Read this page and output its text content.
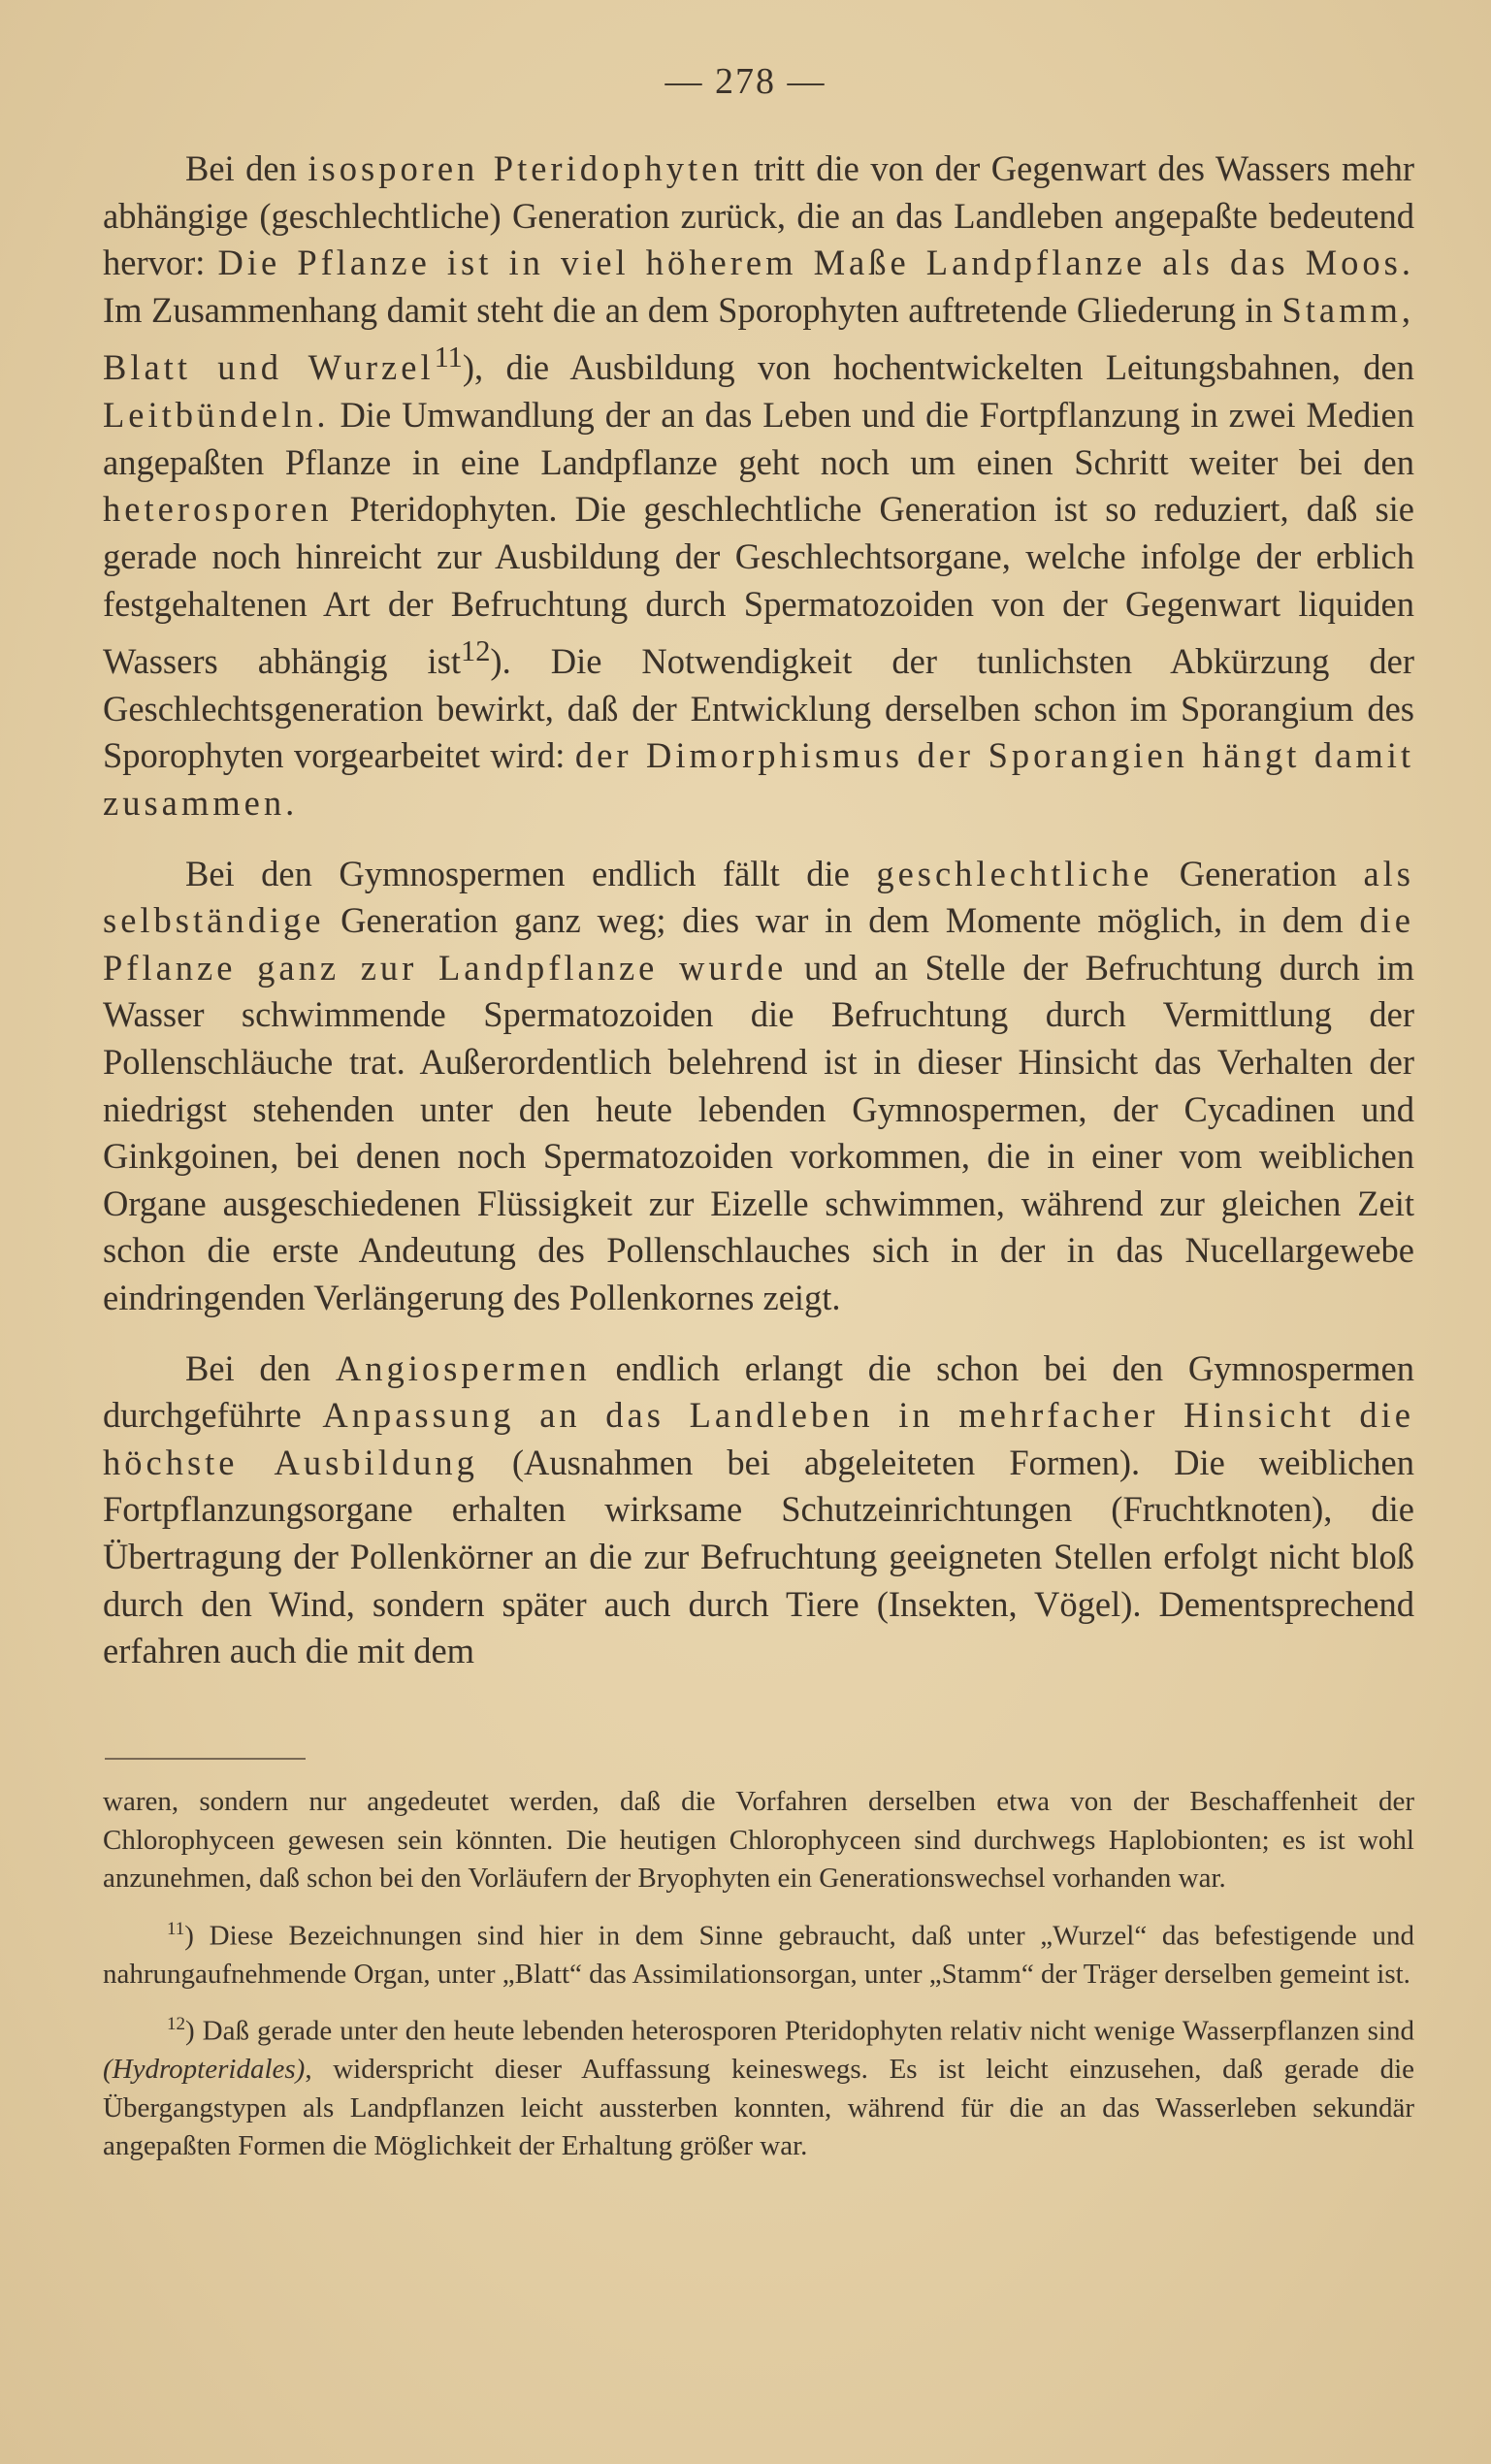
— 278 —

Bei den isosporen Pteridophyten tritt die von der Gegenwart des Wassers mehr abhängige (geschlechtliche) Generation zurück, die an das Landleben angepaßte bedeutend hervor: Die Pflanze ist in viel höherem Maße Landpflanze als das Moos. Im Zusammenhang damit steht die an dem Sporophyten auftretende Gliederung in Stamm, Blatt und Wurzel$^{11}$), die Ausbildung von hochentwickelten Leitungsbahnen, den Leitbündeln. Die Umwandlung der an das Leben und die Fortpflanzung in zwei Medien angepaßten Pflanze in eine Landpflanze geht noch um einen Schritt weiter bei den heterosporen Pteridophyten. Die geschlechtliche Generation ist so reduziert, daß sie gerade noch hinreicht zur Ausbildung der Geschlechtsorgane, welche infolge der erblich festgehaltenen Art der Befruchtung durch Spermatozoiden von der Gegenwart liquiden Wassers abhängig ist$^{12}$). Die Notwendigkeit der tunlichsten Abkürzung der Geschlechtsgeneration bewirkt, daß der Entwicklung derselben schon im Sporangium des Sporophyten vorgearbeitet wird: der Dimorphismus der Sporangien hängt damit zusammen.

Bei den Gymnospermen endlich fällt die geschlechtliche Generation als selbständige Generation ganz weg; dies war in dem Momente möglich, in dem die Pflanze ganz zur Landpflanze wurde und an Stelle der Befruchtung durch im Wasser schwimmende Spermatozoiden die Befruchtung durch Vermittlung der Pollenschläuche trat. Außerordentlich belehrend ist in dieser Hinsicht das Verhalten der niedrigst stehenden unter den heute lebenden Gymnospermen, der Cycadinen und Ginkgoinen, bei denen noch Spermatozoiden vorkommen, die in einer vom weiblichen Organe ausgeschiedenen Flüssigkeit zur Eizelle schwimmen, während zur gleichen Zeit schon die erste Andeutung des Pollenschlauches sich in der in das Nucellargewebe eindringenden Verlängerung des Pollenkornes zeigt.

Bei den Angiospermen endlich erlangt die schon bei den Gymnospermen durchgeführte Anpassung an das Landleben in mehrfacher Hinsicht die höchste Ausbildung (Ausnahmen bei abgeleiteten Formen). Die weiblichen Fortpflanzungsorgane erhalten wirksame Schutzeinrichtungen (Fruchtknoten), die Übertragung der Pollenkörner an die zur Befruchtung geeigneten Stellen erfolgt nicht bloß durch den Wind, sondern später auch durch Tiere (Insekten, Vögel). Dementsprechend erfahren auch die mit dem

waren, sondern nur angedeutet werden, daß die Vorfahren derselben etwa von der Beschaffenheit der Chlorophyceen gewesen sein könnten. Die heutigen Chlorophyceen sind durchwegs Haplobionten; es ist wohl anzunehmen, daß schon bei den Vorläufern der Bryophyten ein Generationswechsel vorhanden war.

$^{11}$) Diese Bezeichnungen sind hier in dem Sinne gebraucht, daß unter „Wurzel“ das befestigende und nahrungaufnehmende Organ, unter „Blatt“ das Assimilationsorgan, unter „Stamm“ der Träger derselben gemeint ist.

$^{12}$) Daß gerade unter den heute lebenden heterosporen Pteridophyten relativ nicht wenige Wasserpflanzen sind (Hydropteridales), widerspricht dieser Auffassung keineswegs. Es ist leicht einzusehen, daß gerade die Übergangstypen als Landpflanzen leicht aussterben konnten, während für die an das Wasserleben sekundär angepaßten Formen die Möglichkeit der Erhaltung größer war.
